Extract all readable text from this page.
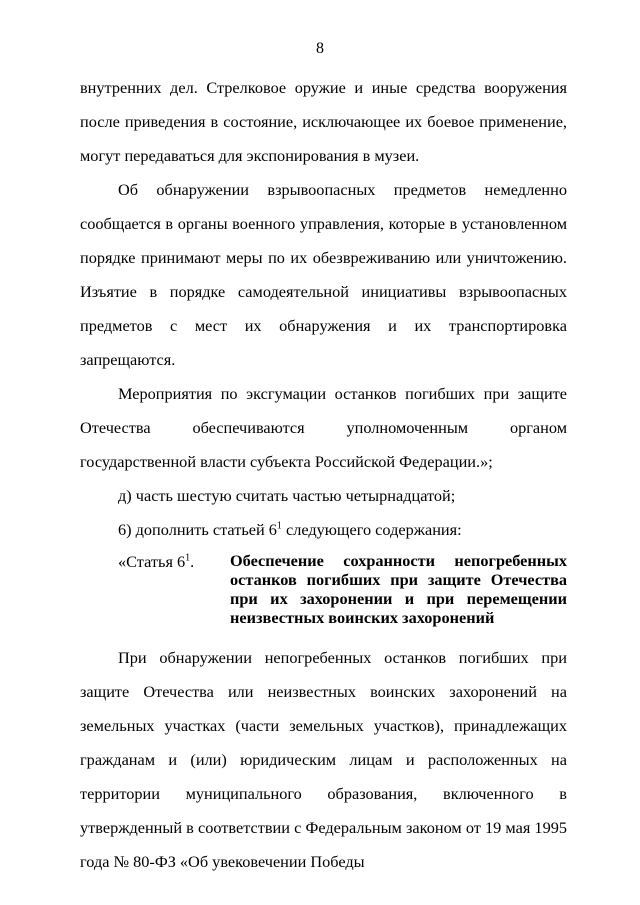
8

внутренних дел. Стрелковое оружие и иные средства вооружения после приведения в состояние, исключающее их боевое применение, могут передаваться для экспонирования в музеи.

Об обнаружении взрывоопасных предметов немедленно сообщается в органы военного управления, которые в установленном порядке принимают меры по их обезвреживанию или уничтожению. Изъятие в порядке самодеятельной инициативы взрывоопасных предметов с мест их обнаружения и их транспортировка запрещаются.

Мероприятия по эксгумации останков погибших при защите Отечества обеспечиваются уполномоченным органом государственной власти субъекта Российской Федерации.»;

д) часть шестую считать частью четырнадцатой;

6) дополнить статьей $6^1$ следующего содержания:

«Статья $6^1$.	Обеспечение сохранности непогребенных останков погибших при защите Отечества при их захоронении и при перемещении неизвестных воинских захоронений

При обнаружении непогребенных останков погибших при защите Отечества или неизвестных воинских захоронений на земельных участках (части земельных участков), принадлежащих гражданам и (или) юридическим лицам и расположенных на территории муниципального образования, включенного в утвержденный в соответствии с Федеральным законом от 19 мая 1995 года № 80-ФЗ «Об увековечении Победы
